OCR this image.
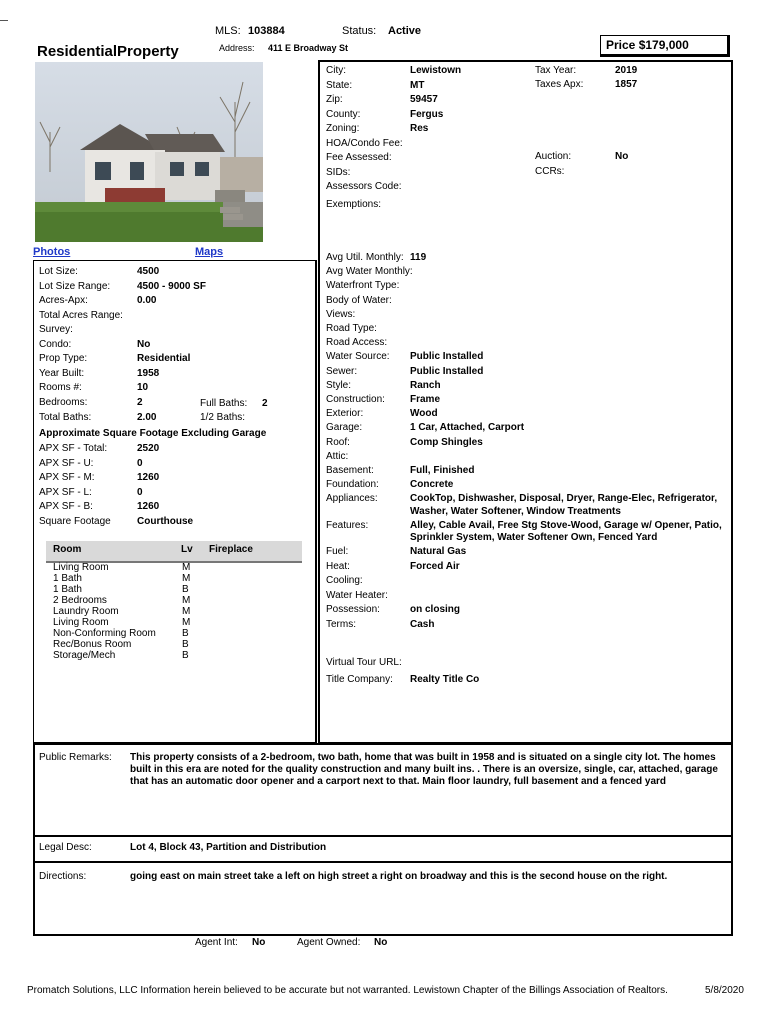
MLS: 103884	Status: Active
ResidentialProperty	Address: 411 E Broadway St	Price $179,000
Photos	Maps
Lot Size:	4500
Lot Size Range:	4500 - 9000 SF
Acres-Apx:	0.00
Total Acres Range:
Survey:
Condo:	No
Prop Type:	Residential
Year Built:	1958
Rooms #:	10
Bedrooms:	2
Total Baths:	2.00
Full Baths: 2
1/2 Baths:
Approximate Square Footage Excluding Garage
APX SF - Total:	2520
APX SF - U:	0
APX SF - M:	1260
APX SF - L:	0
APX SF - B:	1260
Square Footage	Courthouse
Room	Lv Fireplace
Living Room	M
1 Bath	M
1 Bath	B
2 Bedrooms	M
Laundry Room	M
Living Room	M
Non-Conforming Room	B
Rec/Bonus Room	B
Storage/Mech	B
City:	Lewistown
State:	MT
Zip:	59457
County:	Fergus
Zoning:	Res
HOA/Condo Fee:
Fee Assessed:
SIDs:
Assessors Code:
Exemptions:
Tax Year:	2019
Taxes Apx:	1857
Auction:	No
CCRs:
Avg Util. Monthly: 119
Avg Water Monthly:
Waterfront Type:
Body of Water:
Views:
Road Type:
Road Access:
Water Source: Public Installed
Sewer:	Public Installed
Style:	Ranch
Construction:	Frame
Exterior:	Wood
Garage:	1 Car, Attached, Carport
Roof:	Comp Shingles
Attic:
Basement:	Full, Finished
Foundation:	Concrete
Appliances:	CookTop, Dishwasher, Disposal, Dryer, Range-Elec, Refrigerator,
Washer, Water Softener, Window Treatments
Features:	Alley, Cable Avail, Free Stg Stove-Wood, Garage w/ Opener, Patio,
Sprinkler System, Water Softener Own, Fenced Yard
Fuel:	Natural Gas
Heat:	Forced Air
Cooling:
Water Heater:
Possession:	on closing
Terms:	Cash
Virtual Tour URL:
Title Company: Realty Title Co
Public Remarks: This property consists of a 2-bedroom, two bath, home that was built in 1958 and is situated on a single city lot. The homes
built in this era are noted for the quality construction and many built ins. . There is an oversize, single, car, attached, garage
that has an automatic door opener and a carport next to that. Main floor laundry, full basement and a fenced yard
Legal Desc:	Lot 4, Block 43, Partition and Distribution
Directions:	going east on main street take a left on high street a right on broadway and this is the second house on the right.
Agent Int: No	Agent Owned: No
Promatch Solutions, LLC Information herein believed to be accurate but not warranted. Lewistown Chapter of the Billings Association of Realtors.	5/8/2020
